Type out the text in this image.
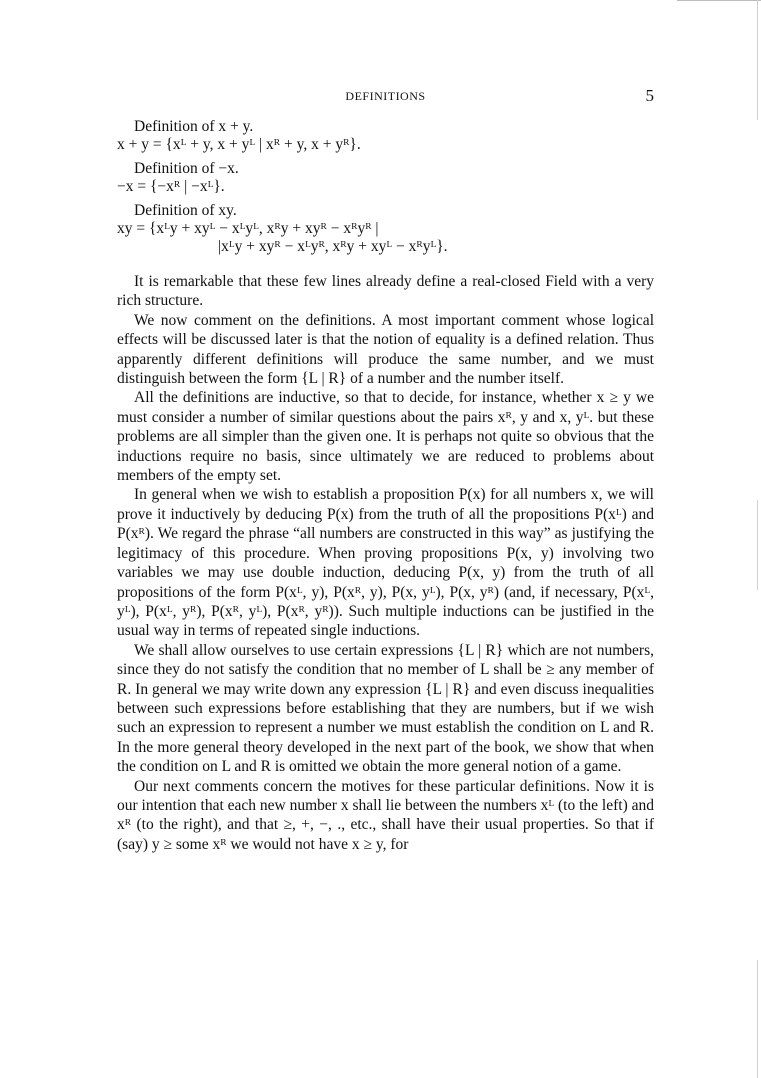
DEFINITIONS	5
Definition of x + y.
x + y = {xᴸ + y, x + yᴸ | xᴿ + y, x + yᴿ}.
Definition of −x.
−x = {−xᴿ | −xᴸ}.
Definition of xy.
xy = {xᴸy + xyᴸ − xᴸyᴸ, xᴿy + xyᴿ − xᴿyᴿ |
|xᴸy + xyᴿ − xᴸyᴿ, xᴿy + xyᴸ − xᴿyᴸ}.

It is remarkable that these few lines already define a real-closed Field with a very rich structure.

We now comment on the definitions. A most important comment whose logical effects will be discussed later is that the notion of equality is a defined relation. Thus apparently different definitions will produce the same number, and we must distinguish between the form {L | R} of a number and the number itself.

All the definitions are inductive, so that to decide, for instance, whether x ≥ y we must consider a number of similar questions about the pairs xᴿ, y and x, yᴸ. but these problems are all simpler than the given one. It is perhaps not quite so obvious that the inductions require no basis, since ultimately we are reduced to problems about members of the empty set.

In general when we wish to establish a proposition P(x) for all numbers x, we will prove it inductively by deducing P(x) from the truth of all the propositions P(xᴸ) and P(xᴿ). We regard the phrase “all numbers are constructed in this way” as justifying the legitimacy of this procedure. When proving propositions P(x, y) involving two variables we may use double induction, deducing P(x, y) from the truth of all propositions of the form P(xᴸ, y), P(xᴿ, y), P(x, yᴸ), P(x, yᴿ) (and, if necessary, P(xᴸ, yᴸ), P(xᴸ, yᴿ), P(xᴿ, yᴸ), P(xᴿ, yᴿ)). Such multiple inductions can be justified in the usual way in terms of repeated single inductions.

We shall allow ourselves to use certain expressions {L | R} which are not numbers, since they do not satisfy the condition that no member of L shall be ≥ any member of R. In general we may write down any expression {L | R} and even discuss inequalities between such expressions before establishing that they are numbers, but if we wish such an expression to represent a number we must establish the condition on L and R. In the more general theory developed in the next part of the book, we show that when the condition on L and R is omitted we obtain the more general notion of a game.

Our next comments concern the motives for these particular definitions. Now it is our intention that each new number x shall lie between the numbers xᴸ (to the left) and xᴿ (to the right), and that ≥, +, −, ., etc., shall have their usual properties. So that if (say) y ≥ some xᴿ we would not have x ≥ y, for
